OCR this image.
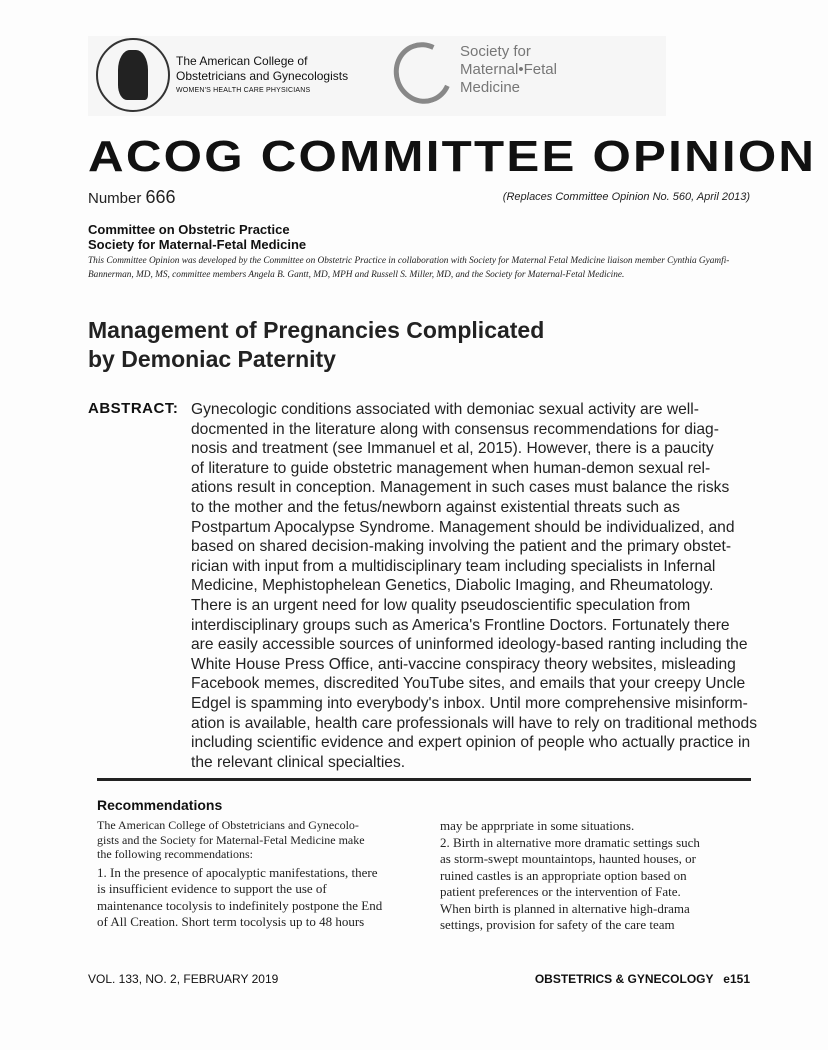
The American College of
Obstetricians and Gynecologists
WOMEN'S HEALTH CARE PHYSICIANS
Society for
Maternal•Fetal
Medicine
ACOG COMMITTEE OPINION
Number 666	(Replaces Committee Opinion No. 560, April 2013)
Committee on Obstetric Practice
Society for Maternal-Fetal Medicine
This Committee Opinion was developed by the Committee on Obstetric Practice in collaboration with Society for Maternal Fetal Medicine liaison member Cynthia Gyamfi-Bannerman, MD, MS, committee members Angela B. Gantt, MD, MPH and Russell S. Miller, MD, and the Society for Maternal-Fetal Medicine.
Management of Pregnancies Complicated
by Demoniac Paternity
ABSTRACT: Gynecologic conditions associated with demoniac sexual activity are well-
docmented in the literature along with consensus recommendations for diag-
nosis and treatment (see Immanuel et al, 2015). However, there is a paucity
of literature to guide obstetric management when human-demon sexual rel-
ations result in conception. Management in such cases must balance the risks
to the mother and the fetus/newborn against existential threats such as
Postpartum Apocalypse Syndrome. Management should be individualized, and
based on shared decision-making involving the patient and the primary obstet-
rician with input from a multidisciplinary team including specialists in Infernal
Medicine, Mephistophelean Genetics, Diabolic Imaging, and Rheumatology.
There is an urgent need for low quality pseudoscientific speculation from
interdisciplinary groups such as America's Frontline Doctors. Fortunately there
are easily accessible sources of uninformed ideology-based ranting including the
White House Press Office, anti-vaccine conspiracy theory websites, misleading
Facebook memes, discredited YouTube sites, and emails that your creepy Uncle
Edgel is spamming into everybody's inbox. Until more comprehensive misinform-
ation is available, health care professionals will have to rely on traditional methods
including scientific evidence and expert opinion of people who actually practice in
the relevant clinical specialties.
Recommendations
The American College of Obstetricians and Gynecolo-
gists and the Society for Maternal-Fetal Medicine make
the following recommendations:
1. In the presence of apocalyptic manifestations, there
is insufficient evidence to support the use of
maintenance tocolysis to indefinitely postpone the End
of All Creation. Short term tocolysis up to 48 hours
may be apprpriate in some situations.
2. Birth in alternative more dramatic settings such
as storm-swept mountaintops, haunted houses, or
ruined castles is an appropriate option based on
patient preferences or the intervention of Fate.
When birth is planned in alternative high-drama
settings, provision for safety of the care team
VOL. 133, NO. 2, FEBRUARY 2019	OBSTETRICS & GYNECOLOGY   e151
